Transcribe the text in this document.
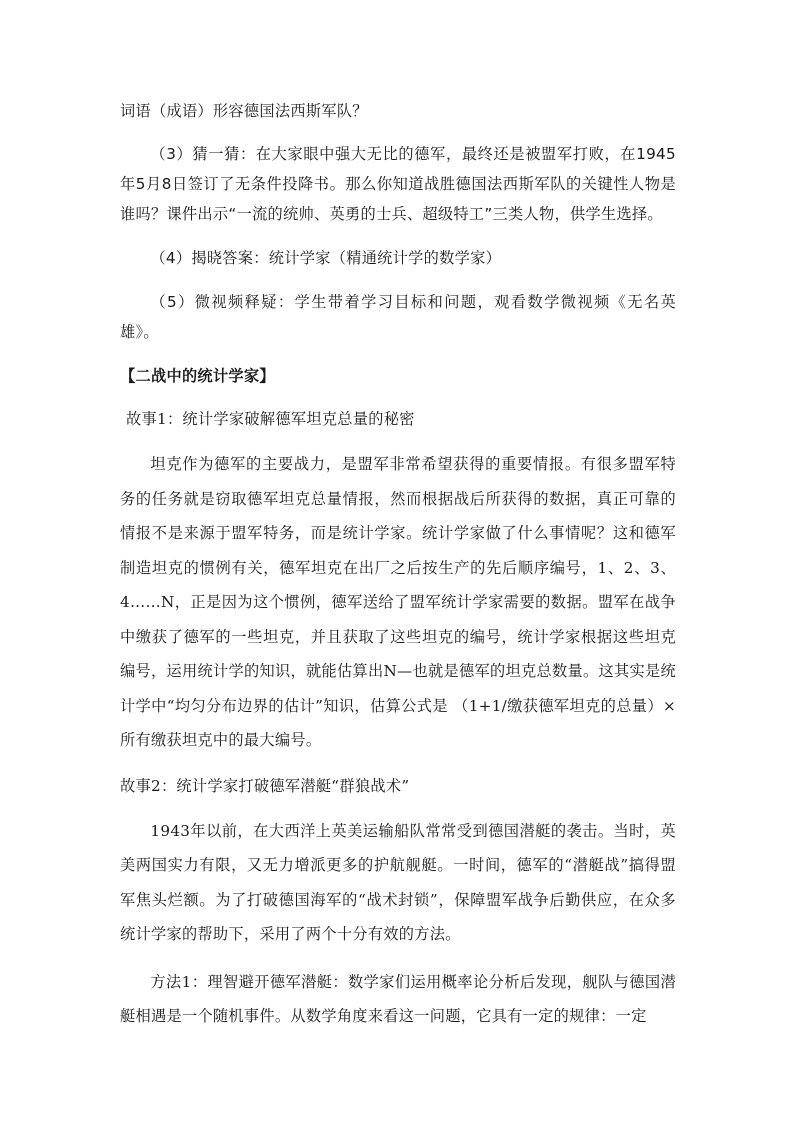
词语（成语）形容德国法西斯军队？

（3）猜一猜：在大家眼中强大无比的德军，最终还是被盟军打败，在1945年5月8日签订了无条件投降书。那么你知道战胜德国法西斯军队的关键性人物是谁吗？课件出示“一流的统帅、英勇的士兵、超级特工”三类人物，供学生选择。

（4）揭晓答案：统计学家（精通统计学的数学家）

（5）微视频释疑：学生带着学习目标和问题，观看数学微视频《无名英雄》。

【二战中的统计学家】
故事1：统计学家破解德军坦克总量的秘密

坦克作为德军的主要战力，是盟军非常希望获得的重要情报。有很多盟军特务的任务就是窃取德军坦克总量情报，然而根据战后所获得的数据，真正可靠的情报不是来源于盟军特务，而是统计学家。统计学家做了什么事情呢？这和德军制造坦克的惯例有关，德军坦克在出厂之后按生产的先后顺序编号，1、2、3、4……N，正是因为这个惯例，德军送给了盟军统计学家需要的数据。盟军在战争中缴获了德军的一些坦克，并且获取了这些坦克的编号，统计学家根据这些坦克编号，运用统计学的知识，就能估算出N—也就是德军的坦克总数量。这其实是统计学中“均匀分布边界的估计”知识，估算公式是 （1+1/缴获德军坦克的总量）×所有缴获坦克中的最大编号。

故事2：统计学家打破德军潜艇“群狼战术”

1943年以前，在大西洋上英美运输船队常常受到德国潜艇的袭击。当时，英美两国实力有限，又无力增派更多的护航舰艇。一时间，德军的“潜艇战”搞得盟军焦头烂额。为了打破德国海军的“战术封锁”，保障盟军战争后勤供应，在众多统计学家的帮助下，采用了两个十分有效的方法。

方法1：理智避开德军潜艇：数学家们运用概率论分析后发现，舰队与德国潜艇相遇是一个随机事件。从数学角度来看这一问题，它具有一定的规律：一定
